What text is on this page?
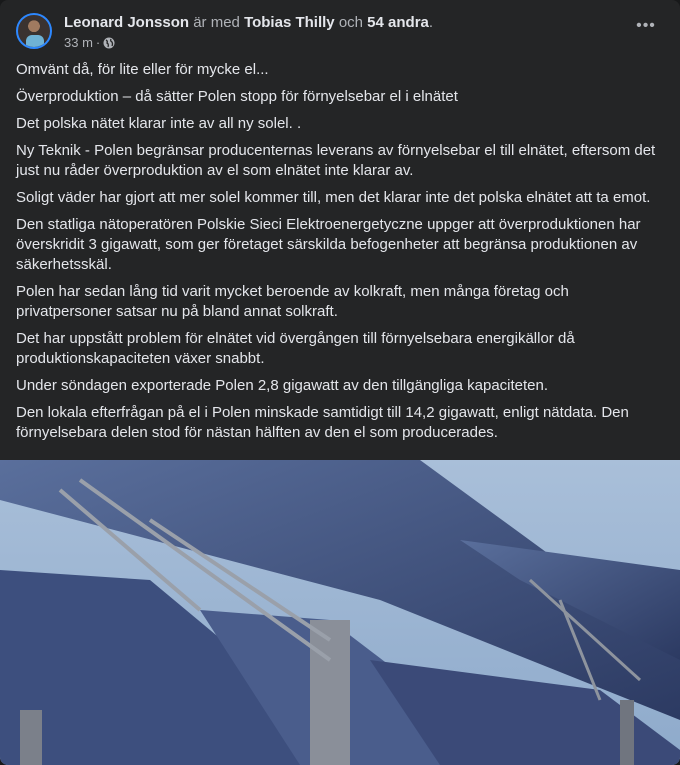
Leonard Jonsson är med Tobias Thilly och 54 andra.
33 m ·
•••

Omvänt då, för lite eller för mycke el...

Överproduktion – då sätter Polen stopp för förnyelsebar el i elnätet

Det polska nätet klarar inte av all ny solel. .

Ny Teknik - Polen begränsar producenternas leverans av förnyelsebar el till elnätet, eftersom det just nu råder överproduktion av el som elnätet inte klarar av.

Soligt väder har gjort att mer solel kommer till, men det klarar inte det polska elnätet att ta emot.

Den statliga nätoperatören Polskie Sieci Elektroenergetyczne uppger att överproduktionen har överskridit 3 gigawatt, som ger företaget särskilda befogenheter att begränsa produktionen av säkerhetsskäl.

Polen har sedan lång tid varit mycket beroende av kolkraft, men många företag och privatpersoner satsar nu på bland annat solkraft.

Det har uppstått problem för elnätet vid övergången till förnyelsebara energikällor då produktionskapaciteten växer snabbt.

Under söndagen exporterade Polen 2,8 gigawatt av den tillgängliga kapaciteten.

Den lokala efterfrågan på el i Polen minskade samtidigt till 14,2 gigawatt, enligt nätdata. Den förnyelsebara delen stod för nästan hälften av den el som producerades.
